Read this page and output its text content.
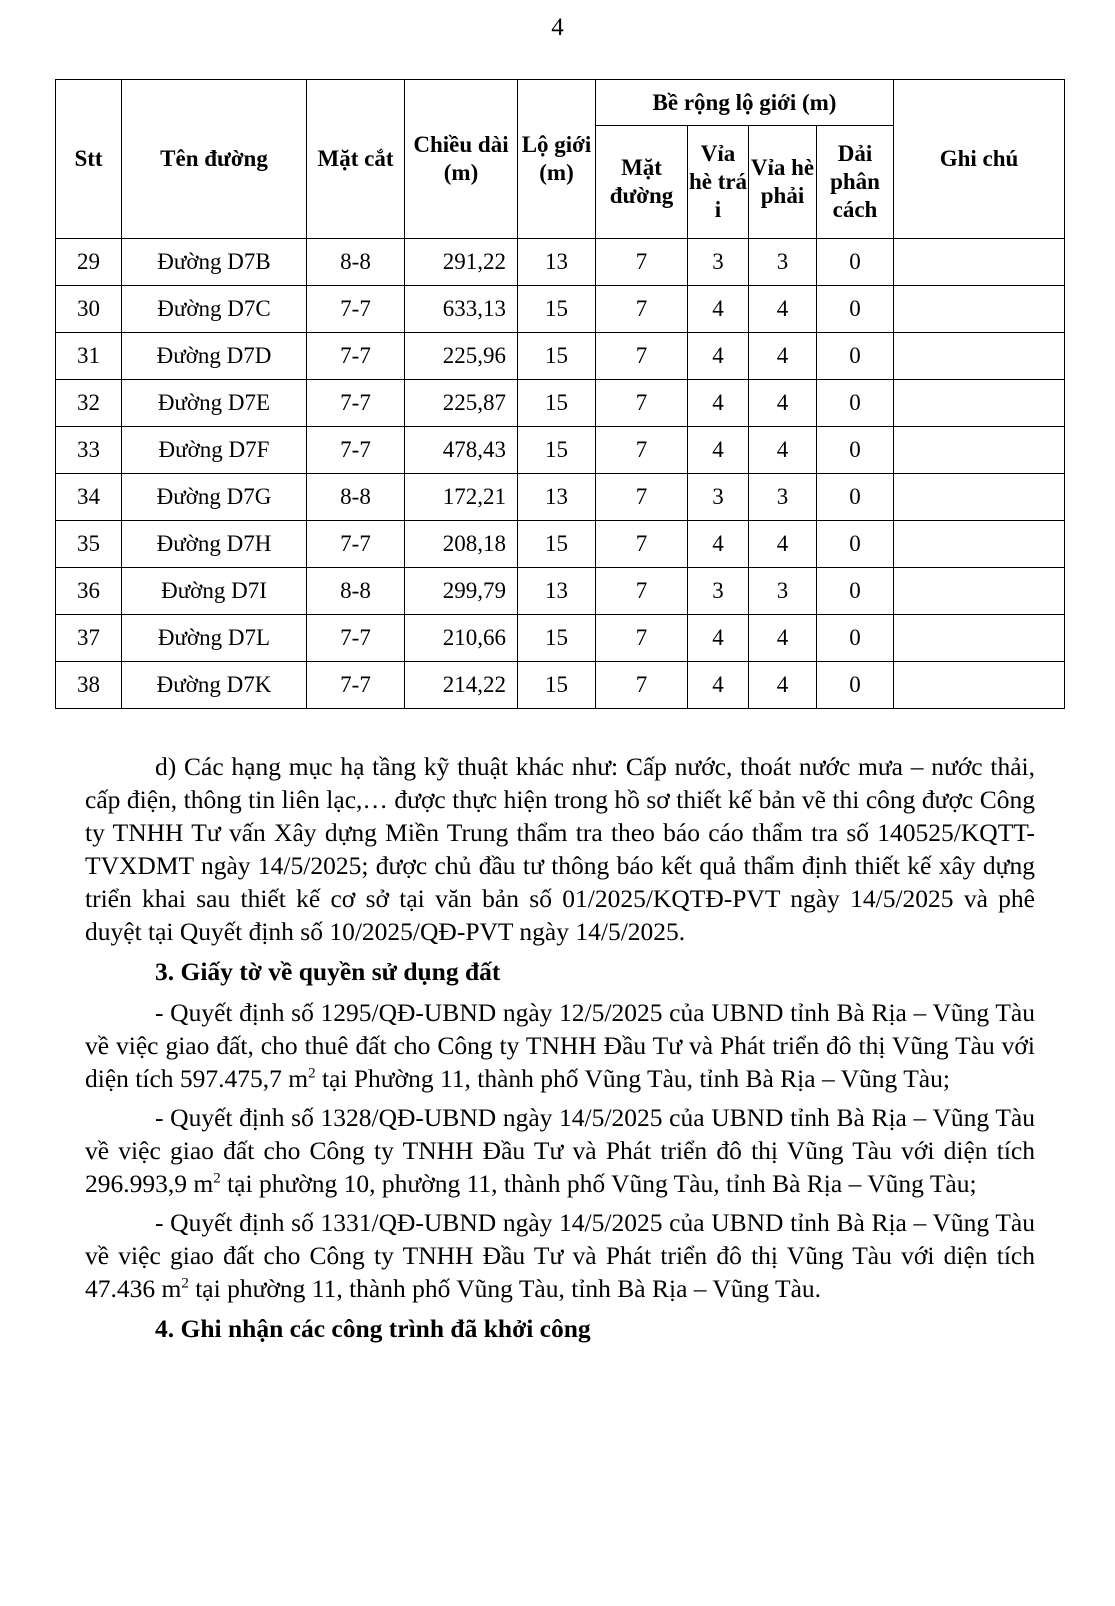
4
Stt	Tên đường	Mặt cắt	Chiều dài (m)	Lộ giới (m)	Bề rộng lộ giới (m)				Ghi chú
					Mặt đường	Vỉa hè trá i	Vỉa hè phải	Dải phân cách	
29	Đường D7B	8-8	291,22	13	7	3	3	0	
30	Đường D7C	7-7	633,13	15	7	4	4	0	
31	Đường D7D	7-7	225,96	15	7	4	4	0	
32	Đường D7E	7-7	225,87	15	7	4	4	0	
33	Đường D7F	7-7	478,43	15	7	4	4	0	
34	Đường D7G	8-8	172,21	13	7	3	3	0	
35	Đường D7H	7-7	208,18	15	7	4	4	0	
36	Đường D7I	8-8	299,79	13	7	3	3	0	
37	Đường D7L	7-7	210,66	15	7	4	4	0	
38	Đường D7K	7-7	214,22	15	7	4	4	0	

d) Các hạng mục hạ tầng kỹ thuật khác như: Cấp nước, thoát nước mưa – nước thải, cấp điện, thông tin liên lạc,… được thực hiện trong hồ sơ thiết kế bản vẽ thi công được Công ty TNHH Tư vấn Xây dựng Miền Trung thẩm tra theo báo cáo thẩm tra số 140525/KQTT-TVXDMT ngày 14/5/2025; được chủ đầu tư thông báo kết quả thẩm định thiết kế xây dựng triển khai sau thiết kế cơ sở tại văn bản số 01/2025/KQTĐ-PVT ngày 14/5/2025 và phê duyệt tại Quyết định số 10/2025/QĐ-PVT ngày 14/5/2025.

3. Giấy tờ về quyền sử dụng đất

- Quyết định số 1295/QĐ-UBND ngày 12/5/2025 của UBND tỉnh Bà Rịa – Vũng Tàu về việc giao đất, cho thuê đất cho Công ty TNHH Đầu Tư và Phát triển đô thị Vũng Tàu với diện tích 597.475,7 $m^2$ tại Phường 11, thành phố Vũng Tàu, tỉnh Bà Rịa – Vũng Tàu;

- Quyết định số 1328/QĐ-UBND ngày 14/5/2025 của UBND tỉnh Bà Rịa – Vũng Tàu về việc giao đất cho Công ty TNHH Đầu Tư và Phát triển đô thị Vũng Tàu với diện tích 296.993,9 $m^2$ tại phường 10, phường 11, thành phố Vũng Tàu, tỉnh Bà Rịa – Vũng Tàu;

- Quyết định số 1331/QĐ-UBND ngày 14/5/2025 của UBND tỉnh Bà Rịa – Vũng Tàu về việc giao đất cho Công ty TNHH Đầu Tư và Phát triển đô thị Vũng Tàu với diện tích 47.436 $m^2$ tại phường 11, thành phố Vũng Tàu, tỉnh Bà Rịa – Vũng Tàu.

4. Ghi nhận các công trình đã khởi công
